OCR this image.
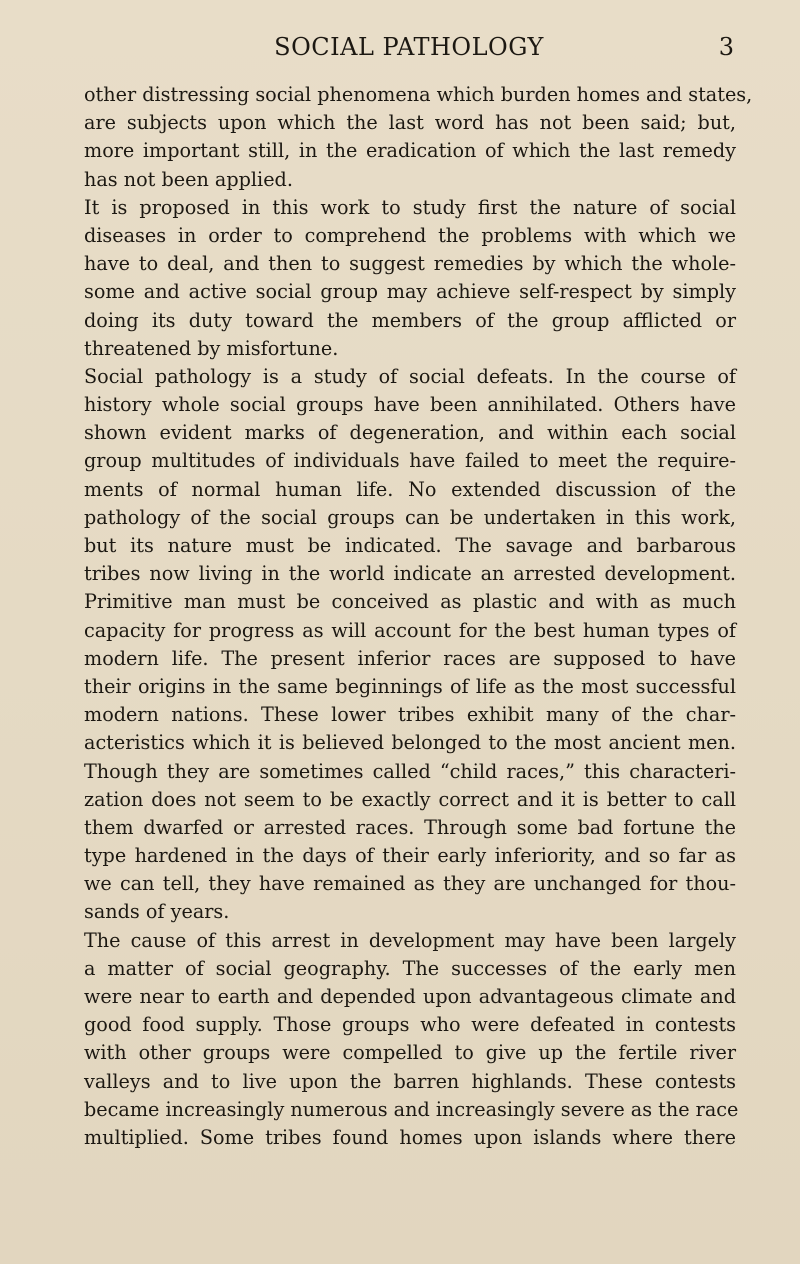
SOCIAL PATHOLOGY	3
other distressing social phenomena which burden homes and states,
are subjects upon which the last word has not been said; but,
more important still, in the eradication of which the last remedy
has not been applied.
It is proposed in this work to study first the nature of social
diseases in order to comprehend the problems with which we
have to deal, and then to suggest remedies by which the whole-
some and active social group may achieve self-respect by simply
doing its duty toward the members of the group afflicted or
threatened by misfortune.
Social pathology is a study of social defeats. In the course of
history whole social groups have been annihilated. Others have
shown evident marks of degeneration, and within each social
group multitudes of individuals have failed to meet the require-
ments of normal human life. No extended discussion of the
pathology of the social groups can be undertaken in this work,
but its nature must be indicated. The savage and barbarous
tribes now living in the world indicate an arrested development.
Primitive man must be conceived as plastic and with as much
capacity for progress as will account for the best human types of
modern life. The present inferior races are supposed to have
their origins in the same beginnings of life as the most successful
modern nations. These lower tribes exhibit many of the char-
acteristics which it is believed belonged to the most ancient men.
Though they are sometimes called “child races,” this characteri-
zation does not seem to be exactly correct and it is better to call
them dwarfed or arrested races. Through some bad fortune the
type hardened in the days of their early inferiority, and so far as
we can tell, they have remained as they are unchanged for thou-
sands of years.
The cause of this arrest in development may have been largely
a matter of social geography. The successes of the early men
were near to earth and depended upon advantageous climate and
good food supply. Those groups who were defeated in contests
with other groups were compelled to give up the fertile river
valleys and to live upon the barren highlands. These contests
became increasingly numerous and increasingly severe as the race
multiplied. Some tribes found homes upon islands where there
